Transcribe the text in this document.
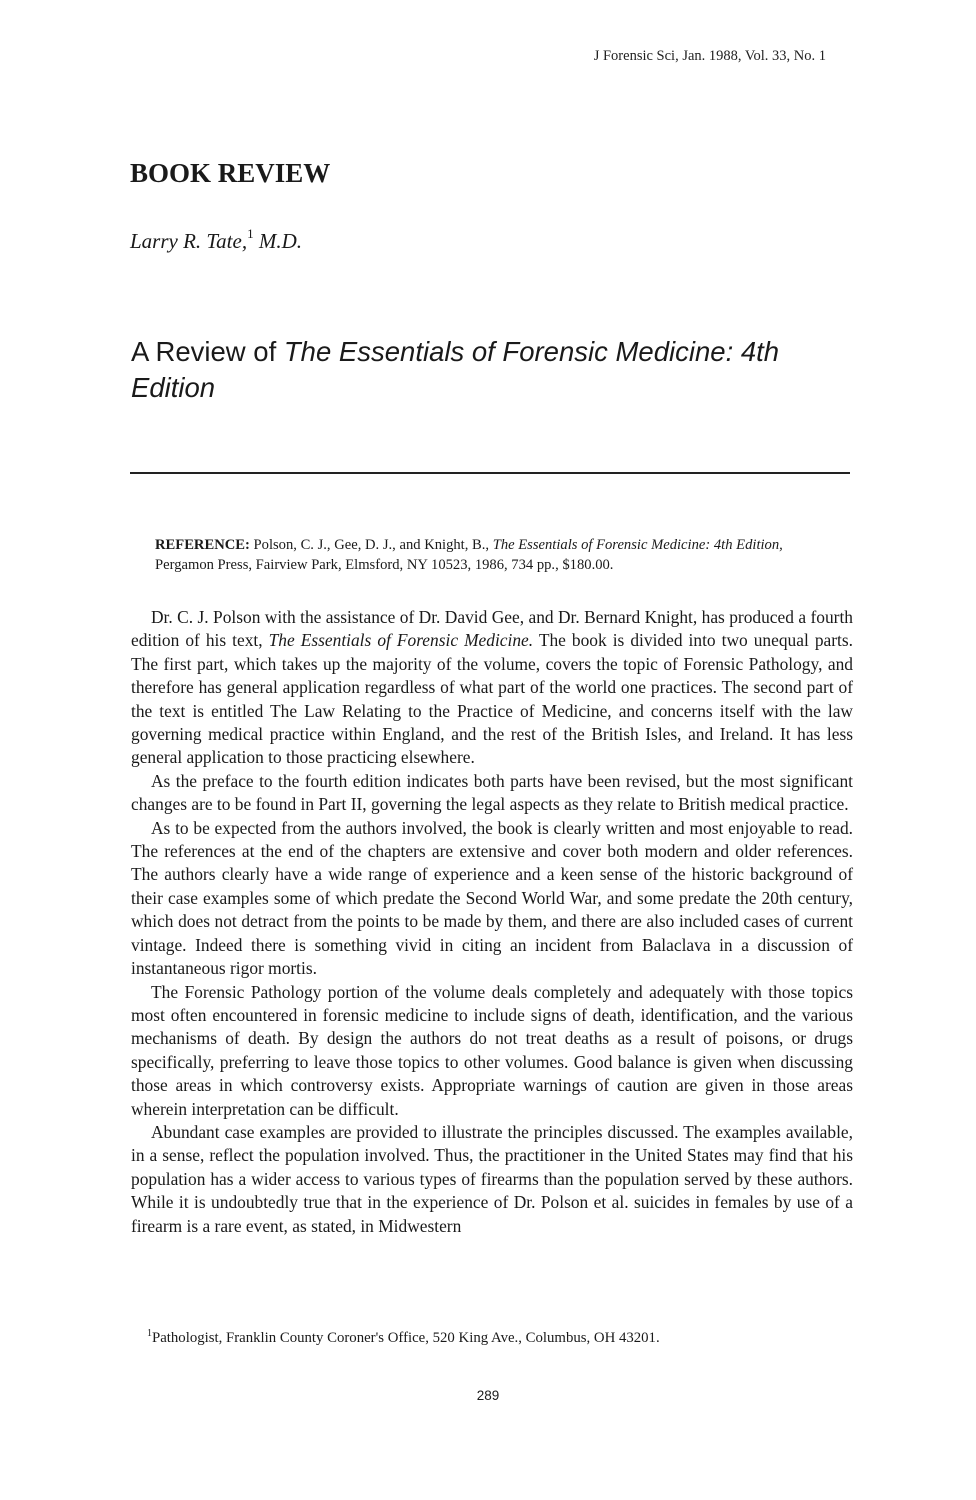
J Forensic Sci, Jan. 1988, Vol. 33, No. 1
BOOK REVIEW

Larry R. Tate,$^1$ M.D.

A Review of The Essentials of Forensic Medicine: 4th Edition
REFERENCE: Polson, C. J., Gee, D. J., and Knight, B., The Essentials of Forensic Medicine: 4th Edition, Pergamon Press, Fairview Park, Elmsford, NY 10523, 1986, 734 pp., $180.00.

Dr. C. J. Polson with the assistance of Dr. David Gee, and Dr. Bernard Knight, has produced a fourth edition of his text, The Essentials of Forensic Medicine. The book is divided into two unequal parts. The first part, which takes up the majority of the volume, covers the topic of Forensic Pathology, and therefore has general application regardless of what part of the world one practices. The second part of the text is entitled The Law Relating to the Practice of Medicine, and concerns itself with the law governing medical practice within England, and the rest of the British Isles, and Ireland. It has less general application to those practicing elsewhere.

As the preface to the fourth edition indicates both parts have been revised, but the most significant changes are to be found in Part II, governing the legal aspects as they relate to British medical practice.

As to be expected from the authors involved, the book is clearly written and most enjoyable to read. The references at the end of the chapters are extensive and cover both modern and older references. The authors clearly have a wide range of experience and a keen sense of the historic background of their case examples some of which predate the Second World War, and some predate the 20th century, which does not detract from the points to be made by them, and there are also included cases of current vintage. Indeed there is something vivid in citing an incident from Balaclava in a discussion of instantaneous rigor mortis.

The Forensic Pathology portion of the volume deals completely and adequately with those topics most often encountered in forensic medicine to include signs of death, identification, and the various mechanisms of death. By design the authors do not treat deaths as a result of poisons, or drugs specifically, preferring to leave those topics to other volumes. Good balance is given when discussing those areas in which controversy exists. Appropriate warnings of caution are given in those areas wherein interpretation can be difficult.

Abundant case examples are provided to illustrate the principles discussed. The examples available, in a sense, reflect the population involved. Thus, the practitioner in the United States may find that his population has a wider access to various types of firearms than the population served by these authors. While it is undoubtedly true that in the experience of Dr. Polson et al. suicides in females by use of a firearm is a rare event, as stated, in Midwestern

$^1$Pathologist, Franklin County Coroner's Office, 520 King Ave., Columbus, OH 43201.
289
